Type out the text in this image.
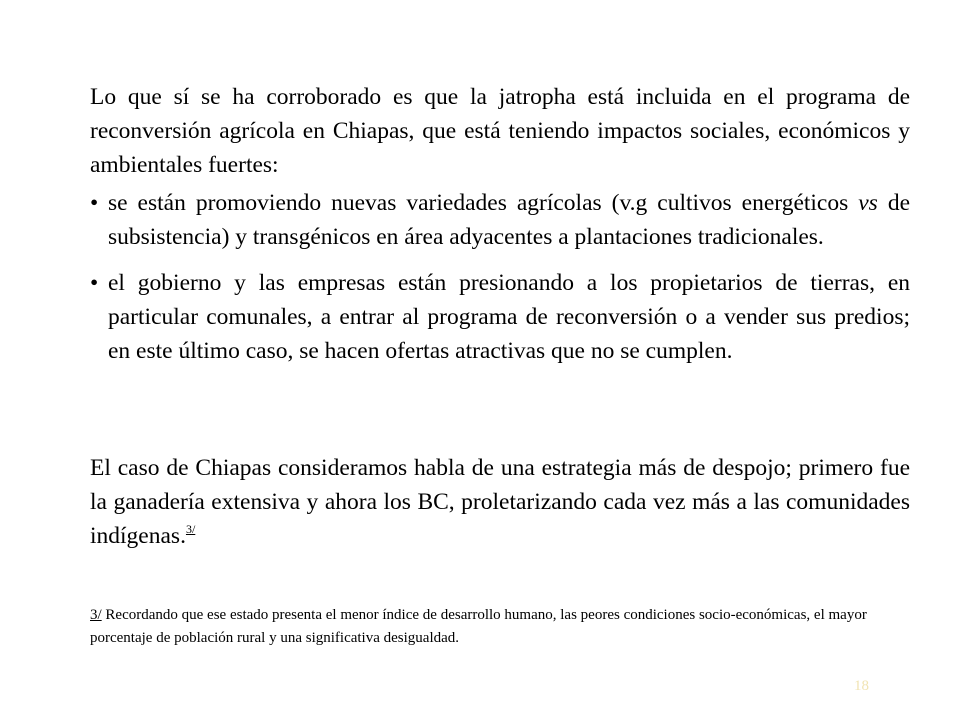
Lo que sí se ha corroborado es que la jatropha está incluida en el programa de reconversión agrícola en Chiapas, que está teniendo impactos sociales, económicos y ambientales fuertes:

• se están promoviendo nuevas variedades agrícolas (v.g cultivos energéticos vs de subsistencia) y transgénicos en área adyacentes a plantaciones tradicionales.
• el gobierno y las empresas están presionando a los propietarios de tierras, en particular comunales, a entrar al programa de reconversión o a vender sus predios; en este último caso, se hacen ofertas atractivas que no se cumplen.

El caso de Chiapas consideramos habla de una estrategia más de despojo; primero fue la ganadería extensiva y ahora los BC, proletarizando cada vez más a las comunidades indígenas.$^{3/}$

3/ Recordando que ese estado presenta el menor índice de desarrollo humano, las peores condiciones socio-económicas, el mayor porcentaje de población rural y una significativa desigualdad.

18
